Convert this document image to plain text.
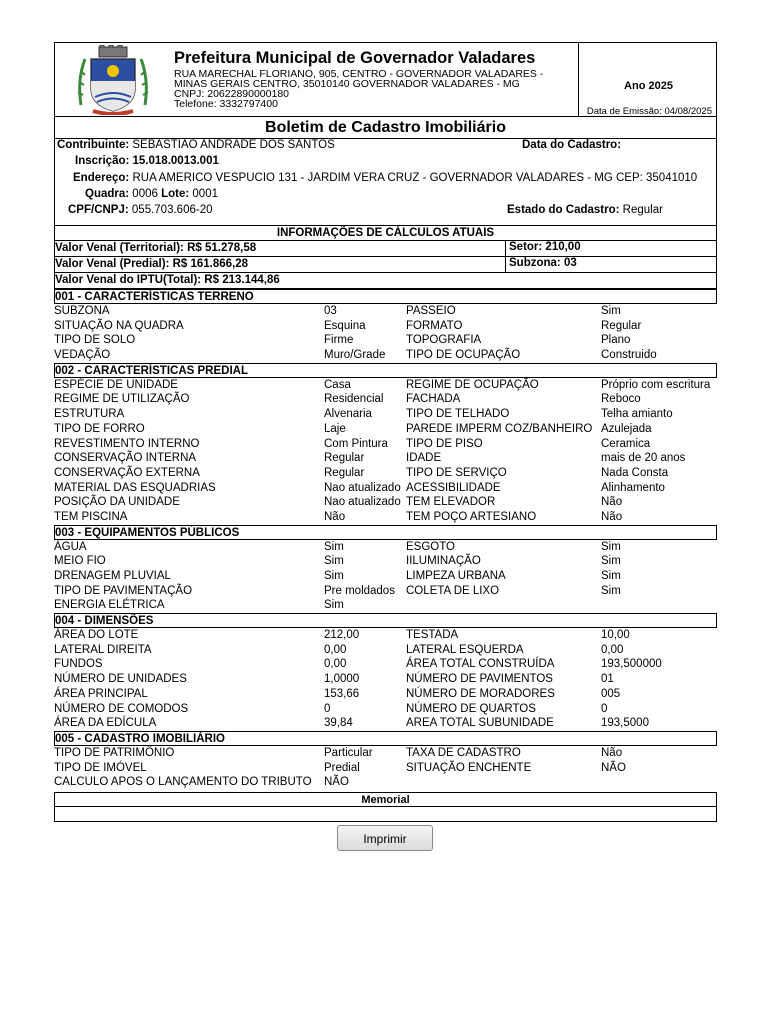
Prefeitura Municipal de Governador Valadares
RUA MARECHAL FLORIANO, 905, CENTRO - GOVERNADOR VALADARES -
MINAS GERAIS CENTRO, 35010140 GOVERNADOR VALADARES - MG
CNPJ: 20622890000180
Telefone: 3332797400
Ano 2025
Data de Emissão: 04/08/2025
Boletim de Cadastro Imobiliário
Contribuinte: SEBASTIAO ANDRADE DOS SANTOS	Data do Cadastro:
Inscrição: 15.018.0013.001
Endereço: RUA AMERICO VESPUCIO 131 - JARDIM VERA CRUZ - GOVERNADOR VALADARES - MG CEP: 35041010
Quadra: 0006 Lote: 0001
CPF/CNPJ: 055.703.606-20	Estado do Cadastro: Regular
INFORMAÇÕES DE CÁLCULOS ATUAIS
Valor Venal (Territorial): R$ 51.278,58	Setor: 210,00
Valor Venal (Predial): R$ 161.866,28	Subzona: 03
Valor Venal do IPTU(Total): R$ 213.144,86
001 - CARACTERÍSTICAS TERRENO
SUBZONA	03	PASSEIO	Sim
SITUAÇÃO NA QUADRA	Esquina	FORMATO	Regular
TIPO DE SOLO	Firme	TOPOGRAFIA	Plano
VEDAÇÃO	Muro/Grade TIPO DE OCUPAÇÃO	Construido
002 - CARACTERÍSTICAS PREDIAL
ESPÉCIE DE UNIDADE	Casa	REGIME DE OCUPAÇÃO	Próprio com escritura
REGIME DE UTILIZAÇÃO	Residencial FACHADA	Reboco
ESTRUTURA	Alvenaria	TIPO DE TELHADO	Telha amianto
TIPO DE FORRO	Laje	PAREDE IMPERM COZ/BANHEIRO Azulejada
REVESTIMENTO INTERNO	Com Pintura TIPO DE PISO	Ceramica
CONSERVAÇÃO INTERNA	Regular	IDADE	mais de 20 anos
CONSERVAÇÃO EXTERNA	Regular	TIPO DE SERVIÇO	Nada Consta
MATERIAL DAS ESQUADRIAS	Nao atualizado ACESSIBILIDADE	Alinhamento
POSIÇÃO DA UNIDADE	Nao atualizado TEM ELEVADOR	Não
TEM PISCINA	Não	TEM POÇO ARTESIANO	Não
003 - EQUIPAMENTOS PÚBLICOS
ÁGUA	Sim	ESGOTO	Sim
MEIO FIO	Sim	IILUMINAÇÃO	Sim
DRENAGEM PLUVIAL	Sim	LIMPEZA URBANA	Sim
TIPO DE PAVIMENTAÇÃO	Pre moldados COLETA DE LIXO	Sim
ENERGIA ELÉTRICA	Sim
004 - DIMENSÕES
ÁREA DO LOTE	212,00	TESTADA	10,00
LATERAL DIREITA	0,00	LATERAL ESQUERDA	0,00
FUNDOS	0,00	ÁREA TOTAL CONSTRUÍDA	193,500000
NÚMERO DE UNIDADES	1,0000	NÚMERO DE PAVIMENTOS	01
ÁREA PRINCIPAL	153,66	NÚMERO DE MORADORES	005
NÚMERO DE COMODOS	0	NÚMERO DE QUARTOS	0
ÁREA DA EDÍCULA	39,84	AREA TOTAL SUBUNIDADE	193,5000
005 - CADASTRO IMOBILIÁRIO
TIPO DE PATRIMÔNIO	Particular	TAXA DE CADASTRO	Não
TIPO DE IMÓVEL	Predial	SITUAÇÃO ENCHENTE	NÃO
CALCULO APOS O LANÇAMENTO DO TRIBUTO NÃO
Memorial
Imprimir
